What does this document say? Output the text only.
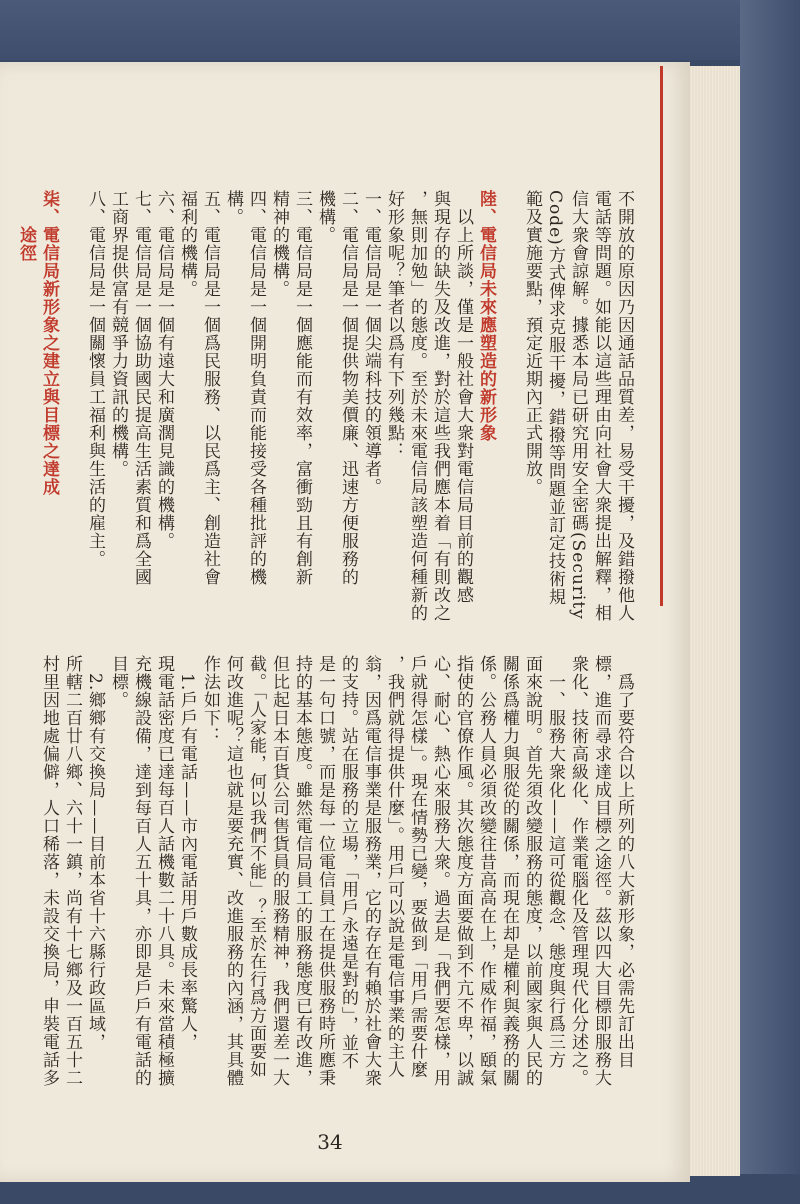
不開放的原因乃因通話品質差，易受干擾，及錯撥他人

電話等問題。如能以這些理由向社會大衆提出解釋，相

信大衆會諒解。據悉本局已研究用安全密碼(Security

Code)方式俾求克服干擾，錯撥等問題並訂定技術規

範及實施要點，預定近期內正式開放。

陸、電信局未來應塑造的新形象

　以上所談，僅是一般社會大衆對電信局目前的觀感

與現存的缺失及改進，對於這些我們應本着「有則改之

，無則加勉」的態度。至於未來電信局該塑造何種新的

好形象呢？筆者以爲有下列幾點：

一、電信局是一個尖端科技的領導者。

二、電信局是一個提供物美價廉、迅速方便服務的

機構。

三、電信局是一個應能而有效率，富衝勁且有創新

精神的機構。

四、電信局是一個開明負責而能接受各種批評的機

構。

五、電信局是一個爲民服務、以民爲主、創造社會

福利的機構。

六、電信局是一個有遠大和廣濶見識的機構。

七、電信局是一個協助國民提高生活素質和爲全國

工商界提供富有競爭力資訊的機構。

八、電信局是一個關懷員工福利與生活的雇主。

柒、電信局新形象之建立與目標之達成

　　途徑

　爲了要符合以上所列的八大新形象，必需先訂出目

標，進而尋求達成目標之途徑。茲以四大目標即服務大

衆化、技術高級化、作業電腦化及管理現代化分述之。

　一、服務大衆化——這可從觀念、態度與行爲三方

面來說明。首先須改變服務的態度，以前國家與人民的

關係爲權力與服從的關係，而現在却是權利與義務的關

係。公務人員必須改變往昔高高在上，作威作福，頤氣

指使的官僚作風。其次態度方面要做到不亢不卑，以誠

心、耐心、熱心來服務大衆。過去是「我們要怎樣，用

戶就得怎樣」。現在情勢已變，要做到「用戶需要什麼

，我們就得提供什麼」。用戶可以說是電信事業的主人

翁，因爲電信事業是服務業，它的存在有賴於社會大衆

的支持。站在服務的立場，「用戶永遠是對的」，並不

是一句口號，而是每一位電信員工在提供服務時所應秉

持的基本態度。雖然電信局員工的服務態度已有改進，

但比起日本百貨公司售貨員的服務精神，我們還差一大

截。「人家能，何以我們不能」？至於在行爲方面要如

何改進呢？這也就是要充實、改進服務的內涵，其具體

作法如下：

　1.戶戶有電話——市內電話用戶數成長率驚人，

現電話密度已達每百人話機數二十八具。未來當積極擴

充機線設備，達到每百人五十具，亦即是戶戶有電話的

目標。

　2.鄉鄉有交換局——目前本省十六縣行政區域，

所轄二百廿八鄉、六十一鎮，尚有十七鄉及一百五十二

村里因地處偏僻，人口稀落，未設交換局，申裝電話多

34
